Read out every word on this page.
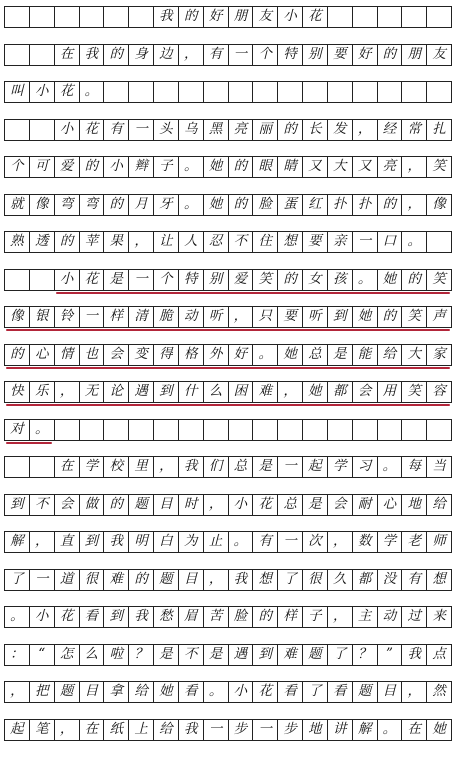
我 的 好 朋 友 小 花
在 我 的 身 边 ， 有 一 个 特 别 要 好 的 朋 友
叫 小 花 。
小 花 有 一 头 乌 黑 亮 丽 的 长 发 ， 经 常 扎
个 可 爱 的 小 辫 子 。 她 的 眼 睛 又 大 又 亮 ， 笑
就 像 弯 弯 的 月 牙 。 她 的 脸 蛋 红 扑 扑 的 ， 像
熟 透 的 苹 果 ， 让 人 忍 不 住 想 要 亲 一 口 。
小 花 是 一 个 特 别 爱 笑 的 女 孩 。 她 的 笑
像 银 铃 一 样 清 脆 动 听 ， 只 要 听 到 她 的 笑 声
的 心 情 也 会 变 得 格 外 好 。 她 总 是 能 给 大 家
快 乐 ， 无 论 遇 到 什 么 困 难 ， 她 都 会 用 笑 容
对 。
在 学 校 里 ， 我 们 总 是 一 起 学 习 。 每 当
到 不 会 做 的 题 目 时 ， 小 花 总 是 会 耐 心 地 给
解 ， 直 到 我 明 白 为 止 。 有 一 次 ， 数 学 老 师
了 一 道 很 难 的 题 目 ， 我 想 了 很 久 都 没 有 想
。 小 花 看 到 我 愁 眉 苦 脸 的 样 子 ， 主 动 过 来
：	“	怎 么 啦 ？ 是 不 是 遇 到 难 题 了 ？	”	我 点
， 把 题 目 拿 给 她 看 。 小 花 看 了 看 题 目 ， 然
起 笔 ， 在 纸 上 给 我 一 步 一 步 地 讲 解 。 在 她
